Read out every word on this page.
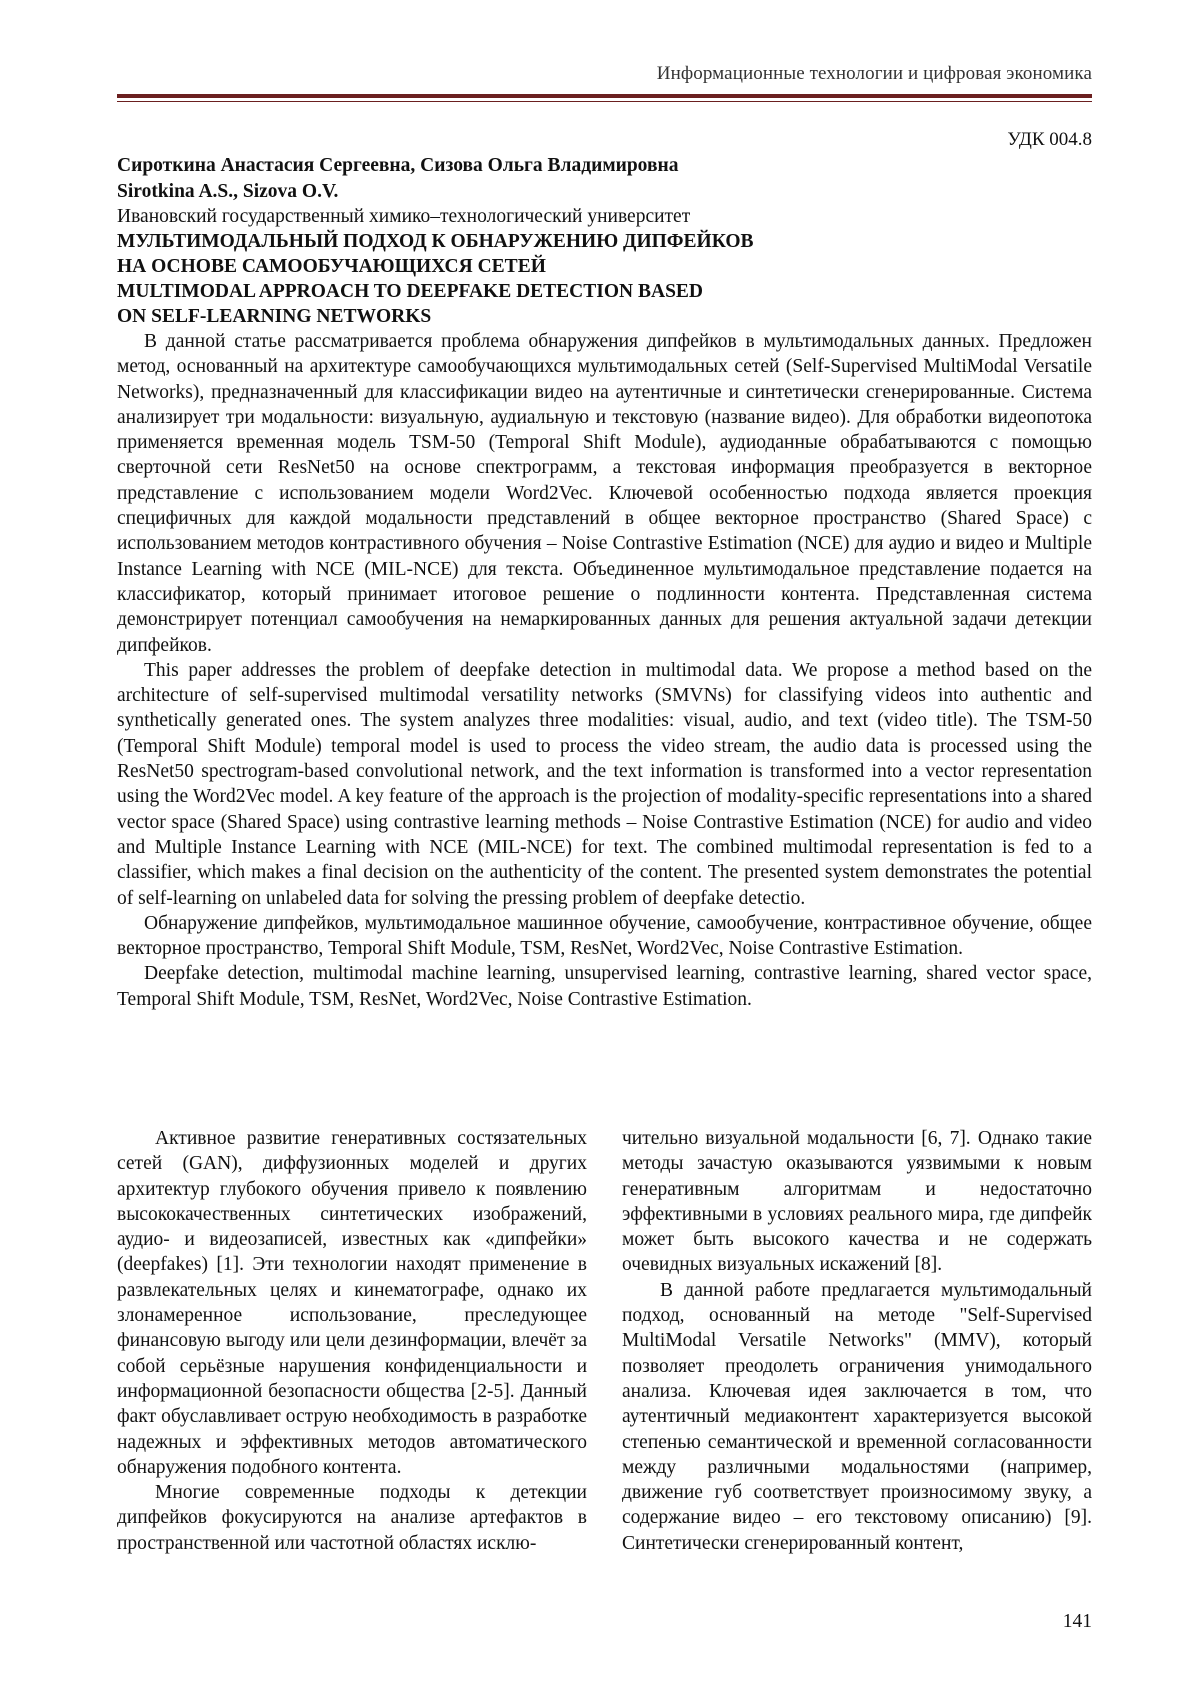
Информационные технологии и цифровая экономика
УДК 004.8
Сироткина Анастасия Сергеевна, Сизова Ольга Владимировна
Sirotkina A.S., Sizova O.V.
Ивановский государственный химико–технологический университет
МУЛЬТИМОДАЛЬНЫЙ ПОДХОД К ОБНАРУЖЕНИЮ ДИПФЕЙКОВ
НА ОСНОВЕ САМООБУЧАЮЩИХСЯ СЕТЕЙ
MULTIMODAL APPROACH TO DEEPFAKE DETECTION BASED
ON SELF-LEARNING NETWORKS

В данной статье рассматривается проблема обнаружения дипфейков в мультимодальных данных. Предложен метод, основанный на архитектуре самообучающихся мультимодальных сетей (Self-Supervised MultiModal Versatile Networks), предназначенный для классификации видео на аутентичные и синтетически сгенерированные. Система анализирует три модальности: визуальную, аудиальную и текстовую (название видео). Для обработки видеопотока применяется временная модель TSM-50 (Temporal Shift Module), аудиоданные обрабатываются с помощью сверточной сети ResNet50 на основе спектрограмм, а текстовая информация преобразуется в векторное представление с использованием модели Word2Vec. Ключевой особенностью подхода является проекция специфичных для каждой модальности представлений в общее векторное пространство (Shared Space) с использованием методов контрастивного обучения – Noise Contrastive Estimation (NCE) для аудио и видео и Multiple Instance Learning with NCE (MIL-NCE) для текста. Объединенное мультимодальное представление подается на классификатор, который принимает итоговое решение о подлинности контента. Представленная система демонстрирует потенциал самообучения на немаркированных данных для решения актуальной задачи детекции дипфейков.

This paper addresses the problem of deepfake detection in multimodal data. We propose a method based on the architecture of self-supervised multimodal versatility networks (SMVNs) for classifying videos into authentic and synthetically generated ones. The system analyzes three modalities: visual, audio, and text (video title). The TSM-50 (Temporal Shift Module) temporal model is used to process the video stream, the audio data is processed using the ResNet50 spectrogram-based convolutional network, and the text information is transformed into a vector representation using the Word2Vec model. A key feature of the approach is the projection of modality-specific representations into a shared vector space (Shared Space) using contrastive learning methods – Noise Contrastive Estimation (NCE) for audio and video and Multiple Instance Learning with NCE (MIL-NCE) for text. The combined multimodal representation is fed to a classifier, which makes a final decision on the authenticity of the content. The presented system demonstrates the potential of self-learning on unlabeled data for solving the pressing problem of deepfake detectio.

Обнаружение дипфейков, мультимодальное машинное обучение, самообучение, контрастивное обучение, общее векторное пространство, Temporal Shift Module, TSM, ResNet, Word2Vec, Noise Contrastive Estimation.

Deepfake detection, multimodal machine learning, unsupervised learning, contrastive learning, shared vector space, Temporal Shift Module, TSM, ResNet, Word2Vec, Noise Contrastive Estimation.

Активное развитие генеративных состязательных сетей (GAN), диффузионных моделей и других архитектур глубокого обучения привело к появлению высококачественных синтетических изображений, аудио- и видеозаписей, известных как «дипфейки» (deepfakes) [1]. Эти технологии находят применение в развлекательных целях и кинематографе, однако их злонамеренное использование, преследующее финансовую выгоду или цели дезинформации, влечёт за собой серьёзные нарушения конфиденциальности и информационной безопасности общества [2-5]. Данный факт обуславливает острую необходимость в разработке надежных и эффективных методов автоматического обнаружения подобного контента.

Многие современные подходы к детекции дипфейков фокусируются на анализе артефактов в пространственной или частотной областях исклю-

чительно визуальной модальности [6, 7]. Однако такие методы зачастую оказываются уязвимыми к новым генеративным алгоритмам и недостаточно эффективными в условиях реального мира, где дипфейк может быть высокого качества и не содержать очевидных визуальных искажений [8].

В данной работе предлагается мультимодальный подход, основанный на методе "Self-Supervised MultiModal Versatile Networks" (MMV), который позволяет преодолеть ограничения унимодального анализа. Ключевая идея заключается в том, что аутентичный медиаконтент характеризуется высокой степенью семантической и временной согласованности между различными модальностями (например, движение губ соответствует произносимому звуку, а содержание видео – его текстовому описанию) [9]. Синтетически сгенерированный контент,

141
